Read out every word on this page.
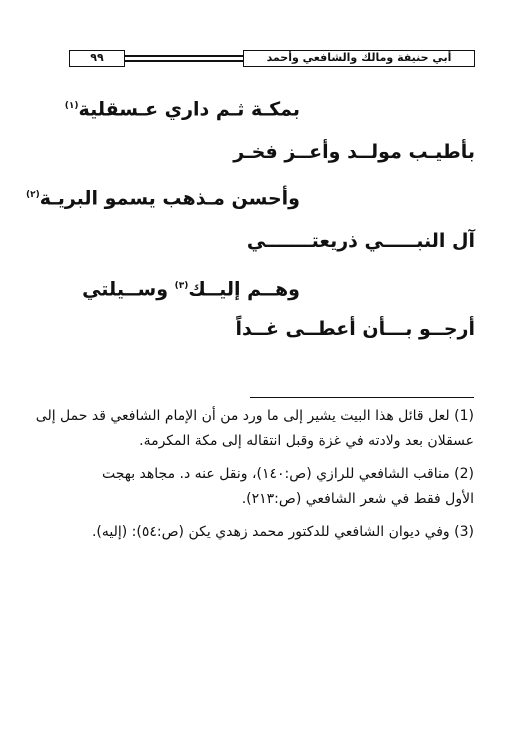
٩٩	أبي حنيفة ومالك والشافعي وأحمد
بمكـة ثـم داري عـسقلية$^{(١)}$
بأطيـب مولــد وأعــز فخـر
وأحسن مـذهب يسمو البريـة$^{(٢)}$
آل النبـــــي ذريعتـــــــي
وهــم إليــك$^{(٣)}$ وســيلتي
أرجــو بـــأن أعطــى غــداً
(1) لعل قائل هذا البيت يشير إلى ما ورد من أن الإمام الشافعي قد حمل إلى
عسقلان بعد ولادته في غزة وقبل انتقاله إلى مكة المكرمة.
(2) مناقب الشافعي للرازي (ص:١٤٠)، ونقل عنه د. مجاهد بهجت
الأول فقط في شعر الشافعي (ص:٢١٣).
(3) وفي ديوان الشافعي للدكتور محمد زهدي يكن (ص:٥٤): (إليه).
